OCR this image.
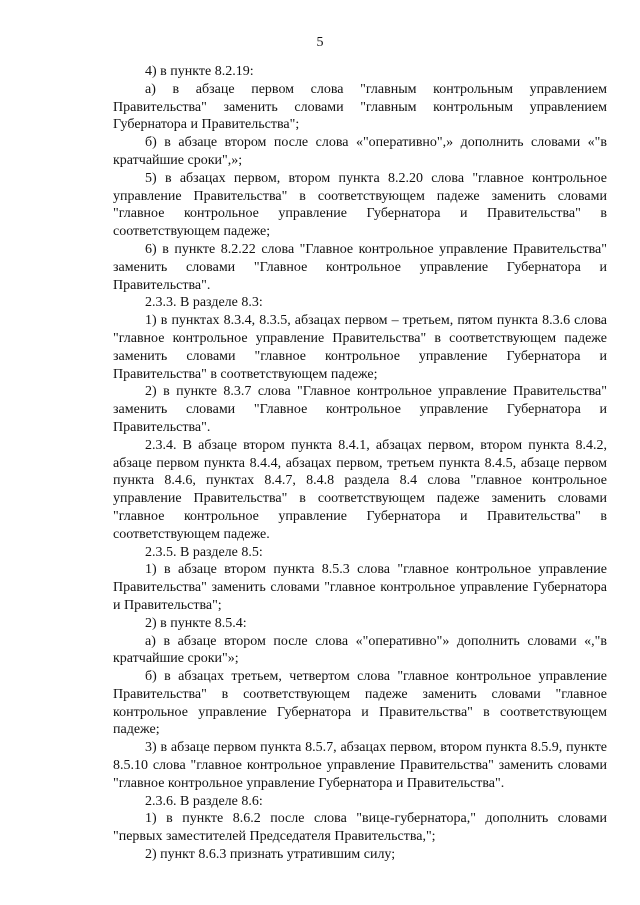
5

4) в пункте 8.2.19:

а) в абзаце первом слова "главным контрольным управлением Правительства" заменить словами "главным контрольным управлением Губернатора и Правительства";

б) в абзаце втором после слова «"оперативно",» дополнить словами «"в кратчайшие сроки",»;

5) в абзацах первом, втором пункта 8.2.20 слова "главное контрольное управление Правительства" в соответствующем падеже заменить словами "главное контрольное управление Губернатора и Правительства" в соответствующем падеже;

6) в пункте 8.2.22 слова "Главное контрольное управление Правительства" заменить словами "Главное контрольное управление Губернатора и Правительства".

2.3.3. В разделе 8.3:

1) в пунктах 8.3.4, 8.3.5, абзацах первом – третьем, пятом пункта 8.3.6 слова "главное контрольное управление Правительства" в соответствующем падеже заменить словами "главное контрольное управление Губернатора и Правительства" в соответствующем падеже;

2) в пункте 8.3.7 слова "Главное контрольное управление Правительства" заменить словами "Главное контрольное управление Губернатора и Правительства".

2.3.4. В абзаце втором пункта 8.4.1, абзацах первом, втором пункта 8.4.2, абзаце первом пункта 8.4.4, абзацах первом, третьем пункта 8.4.5, абзаце первом пункта 8.4.6, пунктах 8.4.7, 8.4.8 раздела 8.4 слова "главное контрольное управление Правительства" в соответствующем падеже заменить словами "главное контрольное управление Губернатора и Правительства" в соответствующем падеже.

2.3.5. В разделе 8.5:

1) в абзаце втором пункта 8.5.3 слова "главное контрольное управление Правительства" заменить словами "главное контрольное управление Губернатора и Правительства";

2) в пункте 8.5.4:

а) в абзаце втором после слова «"оперативно"» дополнить словами «,"в кратчайшие сроки"»;

б) в абзацах третьем, четвертом слова "главное контрольное управление Правительства" в соответствующем падеже заменить словами "главное контрольное управление Губернатора и Правительства" в соответствующем падеже;

3) в абзаце первом пункта 8.5.7, абзацах первом, втором пункта 8.5.9, пункте 8.5.10 слова "главное контрольное управление Правительства" заменить словами "главное контрольное управление Губернатора и Правительства".

2.3.6. В разделе 8.6:

1) в пункте 8.6.2 после слова "вице-губернатора," дополнить словами "первых заместителей Председателя Правительства,";

2) пункт 8.6.3 признать утратившим силу;
